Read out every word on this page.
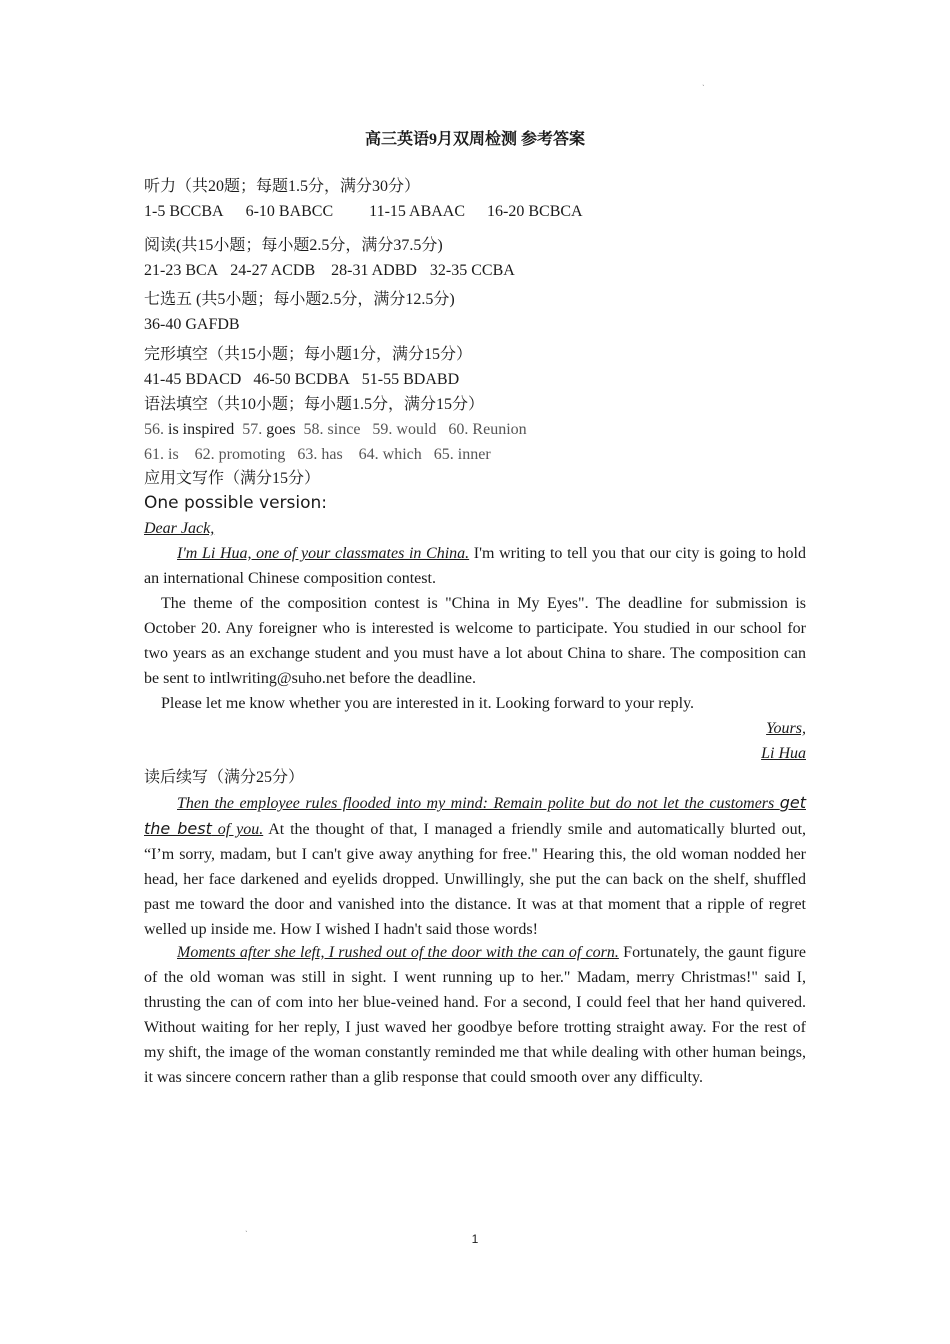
ˎ
ˎ
高三英语9月双周检测 参考答案
听力（共20题；每题1.5分，满分30分）
1-5 BCCBA 6-10 BABCC 11-15 ABAAC 16-20 BCBCA
阅读(共15小题；每小题2.5分，满分37.5分)
21-23 BCA 24-27 ACDB 28-31 ADBD 32-35 CCBA
七选五 (共5小题；每小题2.5分，满分12.5分)
36-40 GAFDB
完形填空（共15小题；每小题1分，满分15分）
41-45 BDACD 46-50 BCDBA 51-55 BDABD
语法填空（共10小题；每小题1.5分，满分15分）
56. is inspired 57. goes 58. since 59. would 60. Reunion
61. is 62. promoting 63. has 64. which 65. inner
应用文写作（满分15分）
One possible version:
Dear Jack,
I'm Li Hua, one of your classmates in China. I'm writing to tell you that our city is going to hold an international Chinese composition contest.
The theme of the composition contest is "China in My Eyes". The deadline for submission is October 20. Any foreigner who is interested is welcome to participate. You studied in our school for two years as an exchange student and you must have a lot about China to share. The composition can be sent to intlwriting@suho.net before the deadline.
Please let me know whether you are interested in it. Looking forward to your reply.
Yours,
Li Hua
读后续写（满分25分）
Then the employee rules flooded into my mind: Remain polite but do not let the customers get the best of you. At the thought of that, I managed a friendly smile and automatically blurted out, “I’m sorry, madam, but I can't give away anything for free." Hearing this, the old woman nodded her head, her face darkened and eyelids dropped. Unwillingly, she put the can back on the shelf, shuffled past me toward the door and vanished into the distance. It was at that moment that a ripple of regret welled up inside me. How I wished I hadn't said those words!
Moments after she left, I rushed out of the door with the can of corn. Fortunately, the gaunt figure of the old woman was still in sight. I went running up to her." Madam, merry Christmas!" said I, thrusting the can of com into her blue-veined hand. For a second, I could feel that her hand quivered. Without waiting for her reply, I just waved her goodbye before trotting straight away. For the rest of my shift, the image of the woman constantly reminded me that while dealing with other human beings, it was sincere concern rather than a glib response that could smooth over any difficulty.
1
